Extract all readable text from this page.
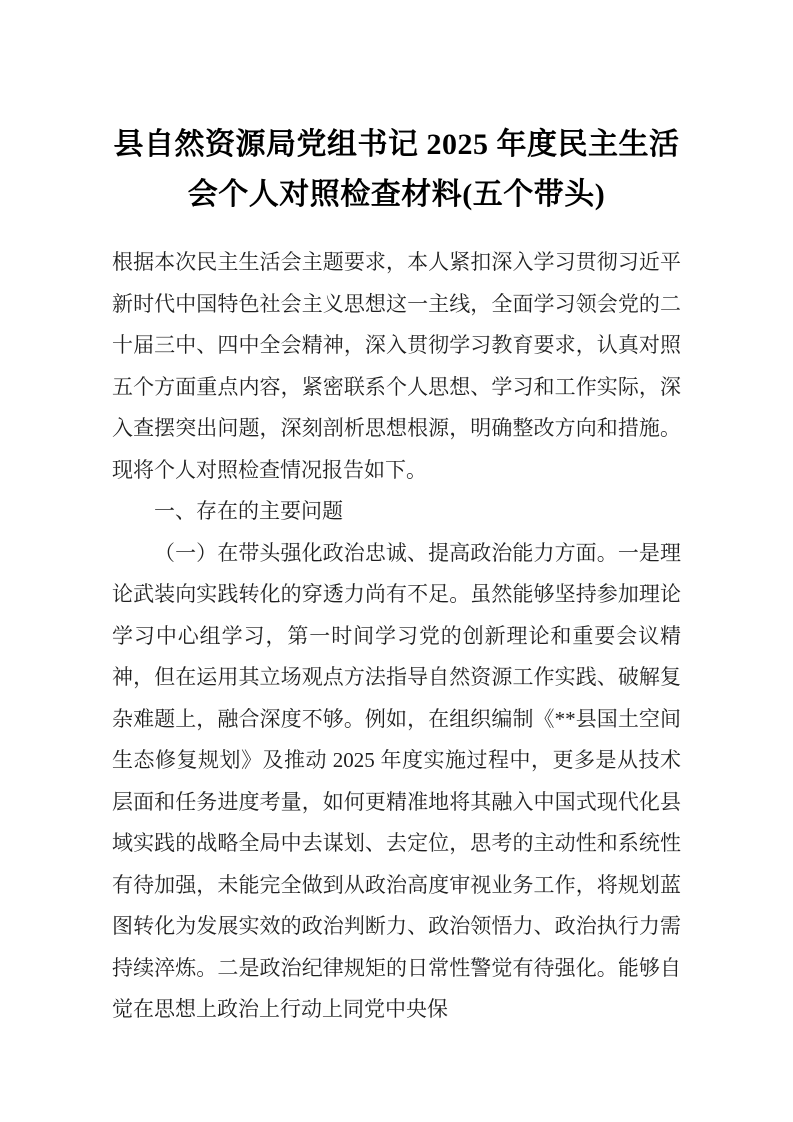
县自然资源局党组书记 2025 年度民主生活会个人对照检查材料(五个带头)

根据本次民主生活会主题要求，本人紧扣深入学习贯彻习近平新时代中国特色社会主义思想这一主线，全面学习领会党的二十届三中、四中全会精神，深入贯彻学习教育要求，认真对照五个方面重点内容，紧密联系个人思想、学习和工作实际，深入查摆突出问题，深刻剖析思想根源，明确整改方向和措施。现将个人对照检查情况报告如下。

一、存在的主要问题

（一）在带头强化政治忠诚、提高政治能力方面。一是理论武装向实践转化的穿透力尚有不足。虽然能够坚持参加理论学习中心组学习，第一时间学习党的创新理论和重要会议精神，但在运用其立场观点方法指导自然资源工作实践、破解复杂难题上，融合深度不够。例如，在组织编制《**县国土空间生态修复规划》及推动 2025 年度实施过程中，更多是从技术层面和任务进度考量，如何更精准地将其融入中国式现代化县域实践的战略全局中去谋划、去定位，思考的主动性和系统性有待加强，未能完全做到从政治高度审视业务工作，将规划蓝图转化为发展实效的政治判断力、政治领悟力、政治执行力需持续淬炼。二是政治纪律规矩的日常性警觉有待强化。能够自觉在思想上政治上行动上同党中央保
